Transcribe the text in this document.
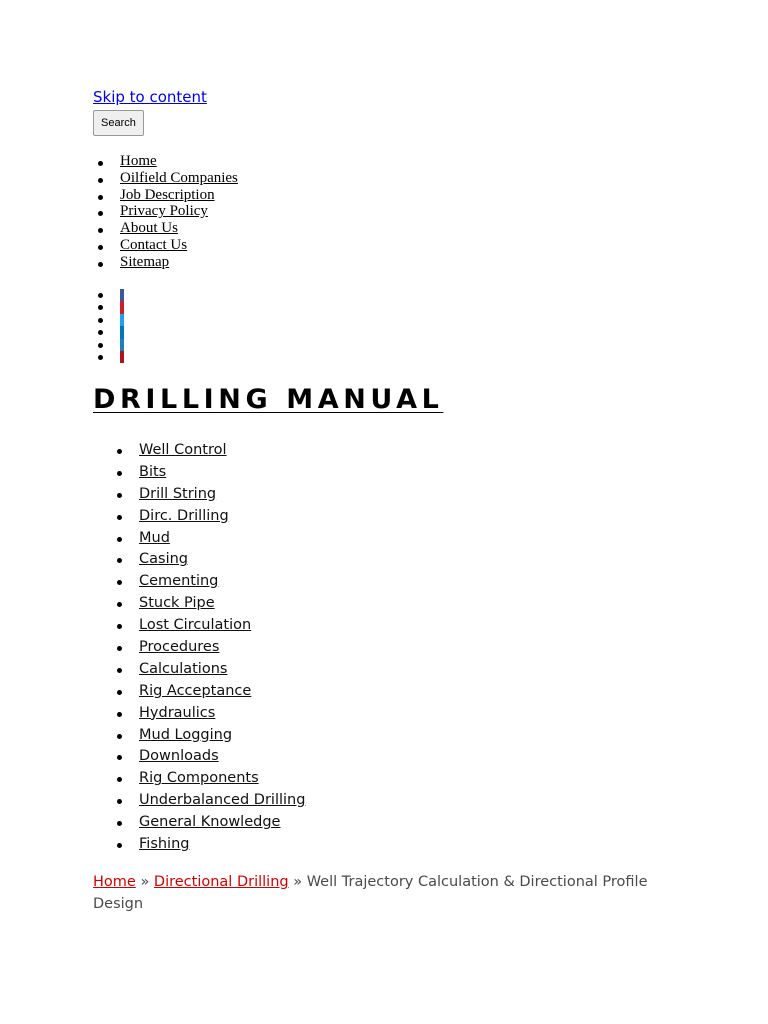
Skip to content
Search
Home
Oilfield Companies
Job Description
Privacy Policy
About Us
Contact Us
Sitemap
DRILLING MANUAL
Well Control
Bits
Drill String
Dirc. Drilling
Mud
Casing
Cementing
Stuck Pipe
Lost Circulation
Procedures
Calculations
Rig Acceptance
Hydraulics
Mud Logging
Downloads
Rig Components
Underbalanced Drilling
General Knowledge
Fishing
Home » Directional Drilling » Well Trajectory Calculation & Directional Profile Design
